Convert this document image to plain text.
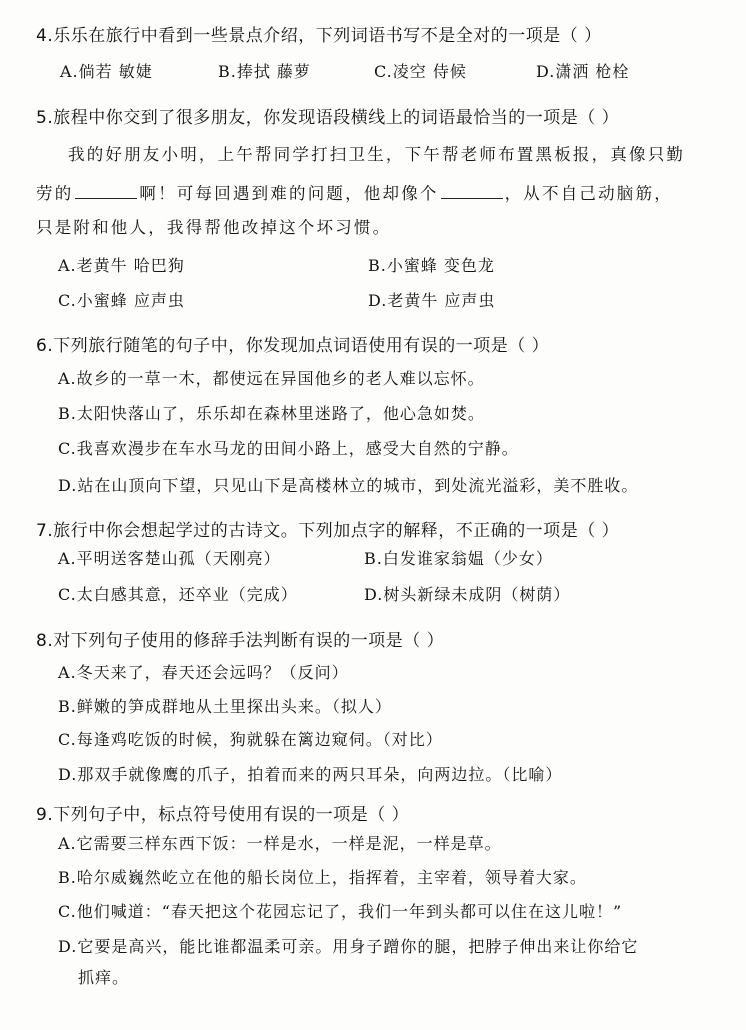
4.乐乐在旅行中看到一些景点介绍，下列词语书写不是全对的一项是（ ）
A.倘若 敏婕	B.捧拭 藤萝	C.凌空 侍候	D.潇洒 枪栓
5.旅程中你交到了很多朋友，你发现语段横线上的词语最恰当的一项是（ ）
我的好朋友小明，上午帮同学打扫卫生，下午帮老师布置黑板报，真像只勤
劳的	啊！可每回遇到难的问题，他却像个	，从不自己动脑筋，
只是附和他人，我得帮他改掉这个坏习惯。
A.老黄牛 哈巴狗	B.小蜜蜂 变色龙
C.小蜜蜂 应声虫	D.老黄牛 应声虫
6.下列旅行随笔的句子中，你发现加点词语使用有误的一项是（ ）
A.故乡的一草一木，都使远在异国他乡的老人难以忘怀。
B.太阳快落山了，乐乐却在森林里迷路了，他心急如焚。
C.我喜欢漫步在车水马龙的田间小路上，感受大自然的宁静。
D.站在山顶向下望，只见山下是高楼林立的城市，到处流光溢彩，美不胜收。
7.旅行中你会想起学过的古诗文。下列加点字的解释，不正确的一项是（ ）
A.平明送客楚山孤（天刚亮）	B.白发谁家翁媪（少女）
C.太白感其意，还卒业（完成）	D.树头新绿未成阴（树荫）
8.对下列句子使用的修辞手法判断有误的一项是（ ）
A.冬天来了，春天还会远吗？（反问）
B.鲜嫩的笋成群地从土里探出头来。（拟人）
C.每逢鸡吃饭的时候，狗就躲在篱边窥伺。（对比）
D.那双手就像鹰的爪子，拍着而来的两只耳朵，向两边拉。（比喻）
9.下列句子中，标点符号使用有误的一项是（ ）
A.它需要三样东西下饭：一样是水，一样是泥，一样是草。
B.哈尔威巍然屹立在他的船长岗位上，指挥着，主宰着，领导着大家。
C.他们喊道：“春天把这个花园忘记了，我们一年到头都可以住在这儿啦！”
D.它要是高兴，能比谁都温柔可亲。用身子蹭你的腿，把脖子伸出来让你给它
抓痒。
